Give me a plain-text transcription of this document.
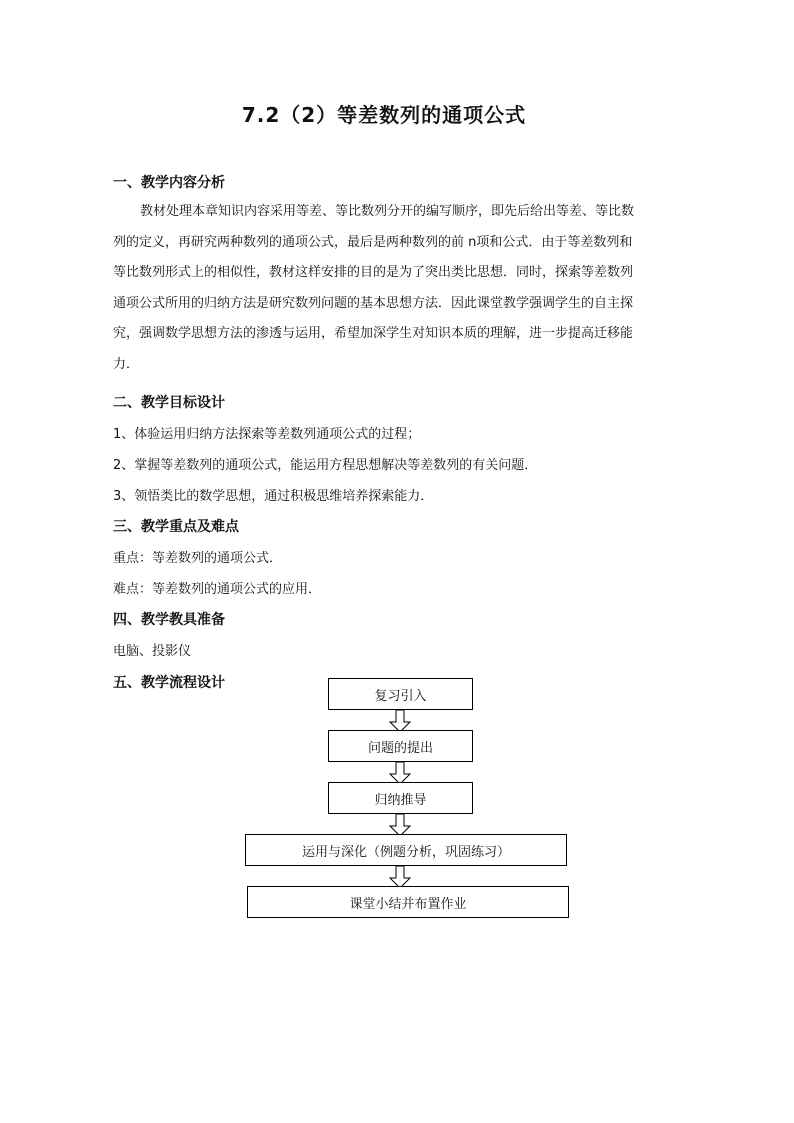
7.2（2）等差数列的通项公式
一、教学内容分析
教材处理本章知识内容采用等差、等比数列分开的编写顺序，即先后给出等差、等比数
列的定义，再研究两种数列的通项公式，最后是两种数列的前 n项和公式．由于等差数列和
等比数列形式上的相似性，教材这样安排的目的是为了突出类比思想．同时，探索等差数列
通项公式所用的归纳方法是研究数列问题的基本思想方法．因此课堂教学强调学生的自主探
究，强调数学思想方法的渗透与运用，希望加深学生对知识本质的理解，进一步提高迁移能
力．
二、教学目标设计
1、体验运用归纳方法探索等差数列通项公式的过程；
2、掌握等差数列的通项公式，能运用方程思想解决等差数列的有关问题．
3、领悟类比的数学思想，通过积极思维培养探索能力．
三、教学重点及难点
重点：等差数列的通项公式．
难点：等差数列的通项公式的应用．
四、教学教具准备
电脑、投影仪
五、教学流程设计
复习引入
问题的提出
归纳推导
运用与深化（例题分析，巩固练习）
课堂小结并布置作业
